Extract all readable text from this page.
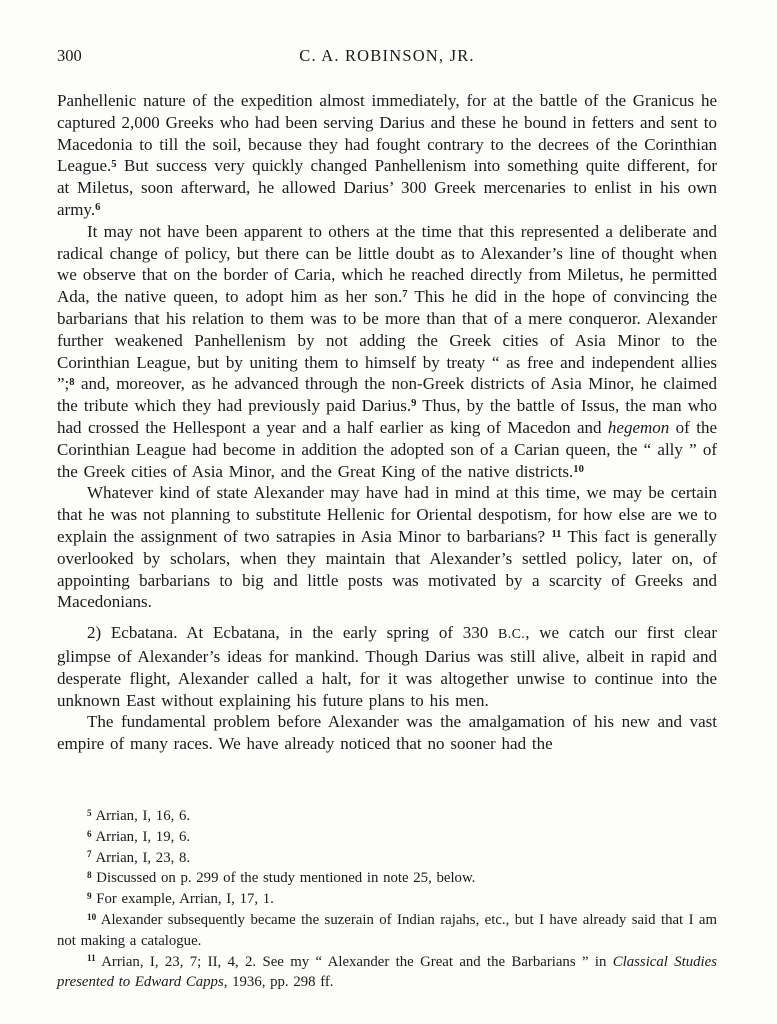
300	C. A. ROBINSON, JR.

Panhellenic nature of the expedition almost immediately, for at the battle of the Granicus he captured 2,000 Greeks who had been serving Darius and these he bound in fetters and sent to Macedonia to till the soil, because they had fought contrary to the decrees of the Corinthian League.$^5$ But success very quickly changed Panhellenism into something quite different, for at Miletus, soon afterward, he allowed Darius’ 300 Greek mercenaries to enlist in his own army.$^6$

It may not have been apparent to others at the time that this represented a deliberate and radical change of policy, but there can be little doubt as to Alexander’s line of thought when we observe that on the border of Caria, which he reached directly from Miletus, he permitted Ada, the native queen, to adopt him as her son.$^7$ This he did in the hope of convincing the barbarians that his relation to them was to be more than that of a mere conqueror. Alexander further weakened Panhellenism by not adding the Greek cities of Asia Minor to the Corinthian League, but by uniting them to himself by treaty “ as free and independent allies ”;$^8$ and, moreover, as he advanced through the non-Greek districts of Asia Minor, he claimed the tribute which they had previously paid Darius.$^9$ Thus, by the battle of Issus, the man who had crossed the Hellespont a year and a half earlier as king of Macedon and hegemon of the Corinthian League had become in addition the adopted son of a Carian queen, the “ ally ” of the Greek cities of Asia Minor, and the Great King of the native districts.$^{10}$

Whatever kind of state Alexander may have had in mind at this time, we may be certain that he was not planning to substitute Hellenic for Oriental despotism, for how else are we to explain the assignment of two satrapies in Asia Minor to barbarians? $^{11}$ This fact is generally overlooked by scholars, when they maintain that Alexander’s settled policy, later on, of appointing barbarians to big and little posts was motivated by a scarcity of Greeks and Macedonians.

2) Ecbatana. At Ecbatana, in the early spring of 330 B.C., we catch our first clear glimpse of Alexander’s ideas for mankind. Though Darius was still alive, albeit in rapid and desperate flight, Alexander called a halt, for it was altogether unwise to continue into the unknown East without explaining his future plans to his men.

The fundamental problem before Alexander was the amalgamation of his new and vast empire of many races. We have already noticed that no sooner had the

$^5$ Arrian, I, 16, 6.

$^6$ Arrian, I, 19, 6.

$^7$ Arrian, I, 23, 8.

$^8$ Discussed on p. 299 of the study mentioned in note 25, below.

$^9$ For example, Arrian, I, 17, 1.

$^{10}$ Alexander subsequently became the suzerain of Indian rajahs, etc., but I have already said that I am not making a catalogue.

$^{11}$ Arrian, I, 23, 7; II, 4, 2. See my “ Alexander the Great and the Barbarians ” in Classical Studies presented to Edward Capps, 1936, pp. 298 ff.
